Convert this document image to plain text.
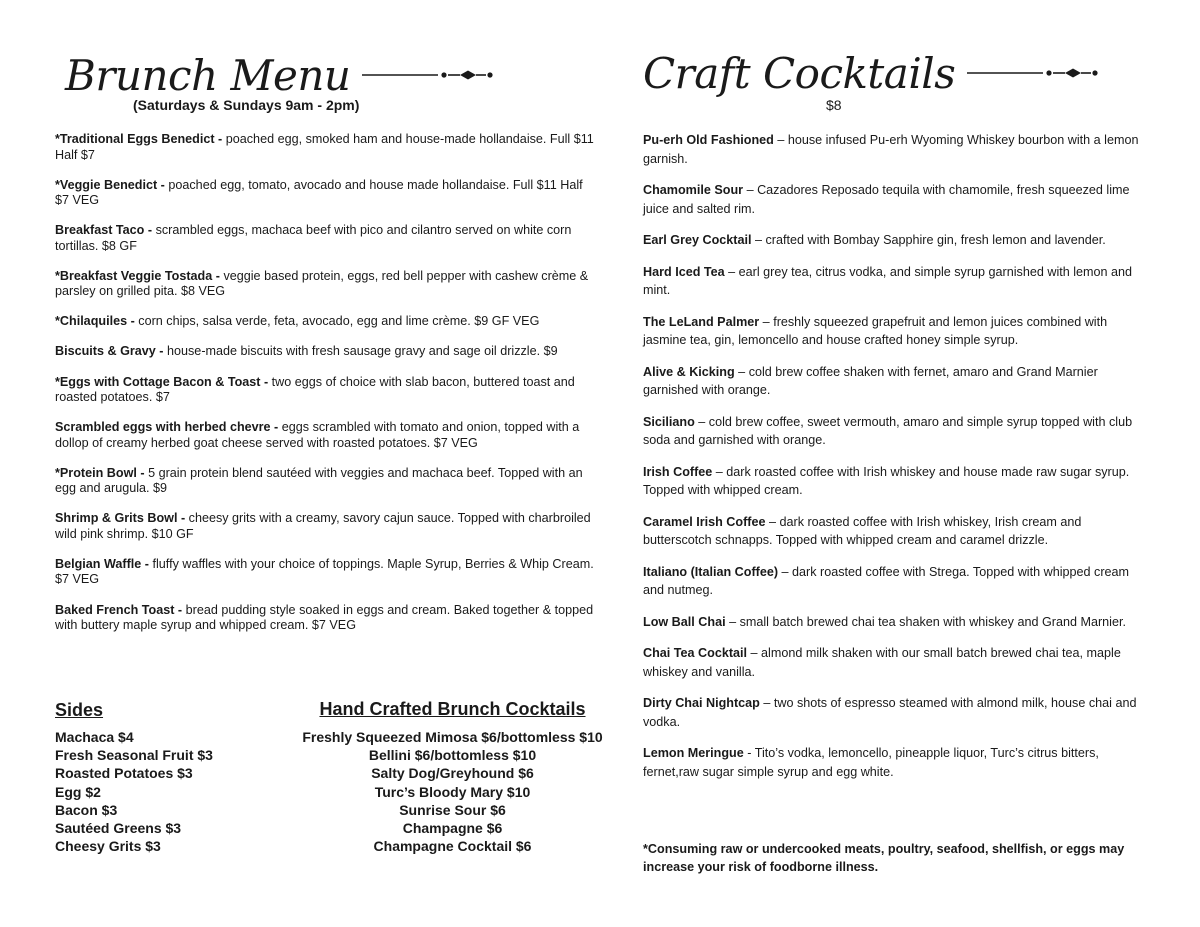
Brunch Menu
(Saturdays & Sundays 9am - 2pm)

*Traditional Eggs Benedict - poached egg, smoked ham and house-made hollandaise. Full $11 Half $7

*Veggie Benedict - poached egg, tomato, avocado and house made hollandaise. Full $11 Half $7 VEG

Breakfast Taco - scrambled eggs, machaca beef with pico and cilantro served on white corn tortillas. $8 GF

*Breakfast Veggie Tostada - veggie based protein, eggs, red bell pepper with cashew crème & parsley on grilled pita. $8 VEG

*Chilaquiles - corn chips, salsa verde, feta, avocado, egg and lime crème. $9 GF VEG

Biscuits & Gravy - house-made biscuits with fresh sausage gravy and sage oil drizzle. $9

*Eggs with Cottage Bacon & Toast - two eggs of choice with slab bacon, buttered toast and roasted potatoes. $7

Scrambled eggs with herbed chevre - eggs scrambled with tomato and onion, topped with a dollop of creamy herbed goat cheese served with roasted potatoes. $7 VEG

*Protein Bowl - 5 grain protein blend sautéed with veggies and machaca beef. Topped with an egg and arugula. $9

Shrimp & Grits Bowl - cheesy grits with a creamy, savory cajun sauce. Topped with charbroiled wild pink shrimp. $10 GF

Belgian Waffle - fluffy waffles with your choice of toppings. Maple Syrup, Berries & Whip Cream. $7 VEG

Baked French Toast - bread pudding style soaked in eggs and cream. Baked together & topped with buttery maple syrup and whipped cream. $7 VEG

Sides
Machaca $4
Fresh Seasonal Fruit $3
Roasted Potatoes $3
Egg $2
Bacon $3
Sautéed Greens $3
Cheesy Grits $3
Hand Crafted Brunch Cocktails
Freshly Squeezed Mimosa $6/bottomless $10
Bellini $6/bottomless $10
Salty Dog/Greyhound $6
Turc’s Bloody Mary $10
Sunrise Sour $6
Champagne $6
Champagne Cocktail $6
Craft Cocktails
$8

Pu-erh Old Fashioned – house infused Pu-erh Wyoming Whiskey bourbon with a lemon garnish.

Chamomile Sour – Cazadores Reposado tequila with chamomile, fresh squeezed lime juice and salted rim.

Earl Grey Cocktail – crafted with Bombay Sapphire gin, fresh lemon and lavender.

Hard Iced Tea – earl grey tea, citrus vodka, and simple syrup garnished with lemon and mint.

The LeLand Palmer – freshly squeezed grapefruit and lemon juices combined with jasmine tea, gin, lemoncello and house crafted honey simple syrup.

Alive & Kicking – cold brew coffee shaken with fernet, amaro and Grand Marnier garnished with orange.

Siciliano – cold brew coffee, sweet vermouth, amaro and simple syrup topped with club soda and garnished with orange.

Irish Coffee – dark roasted coffee with Irish whiskey and house made raw sugar syrup. Topped with whipped cream.

Caramel Irish Coffee – dark roasted coffee with Irish whiskey, Irish cream and butterscotch schnapps. Topped with whipped cream and caramel drizzle.

Italiano (Italian Coffee) – dark roasted coffee with Strega. Topped with whipped cream and nutmeg.

Low Ball Chai – small batch brewed chai tea shaken with whiskey and Grand Marnier.

Chai Tea Cocktail – almond milk shaken with our small batch brewed chai tea, maple whiskey and vanilla.

Dirty Chai Nightcap – two shots of espresso steamed with almond milk, house chai and vodka.

Lemon Meringue - Tito’s vodka, lemoncello, pineapple liquor, Turc’s citrus bitters, fernet,raw sugar simple syrup and egg white.

*Consuming raw or undercooked meats, poultry, seafood, shellfish, or eggs may increase your risk of foodborne illness.
